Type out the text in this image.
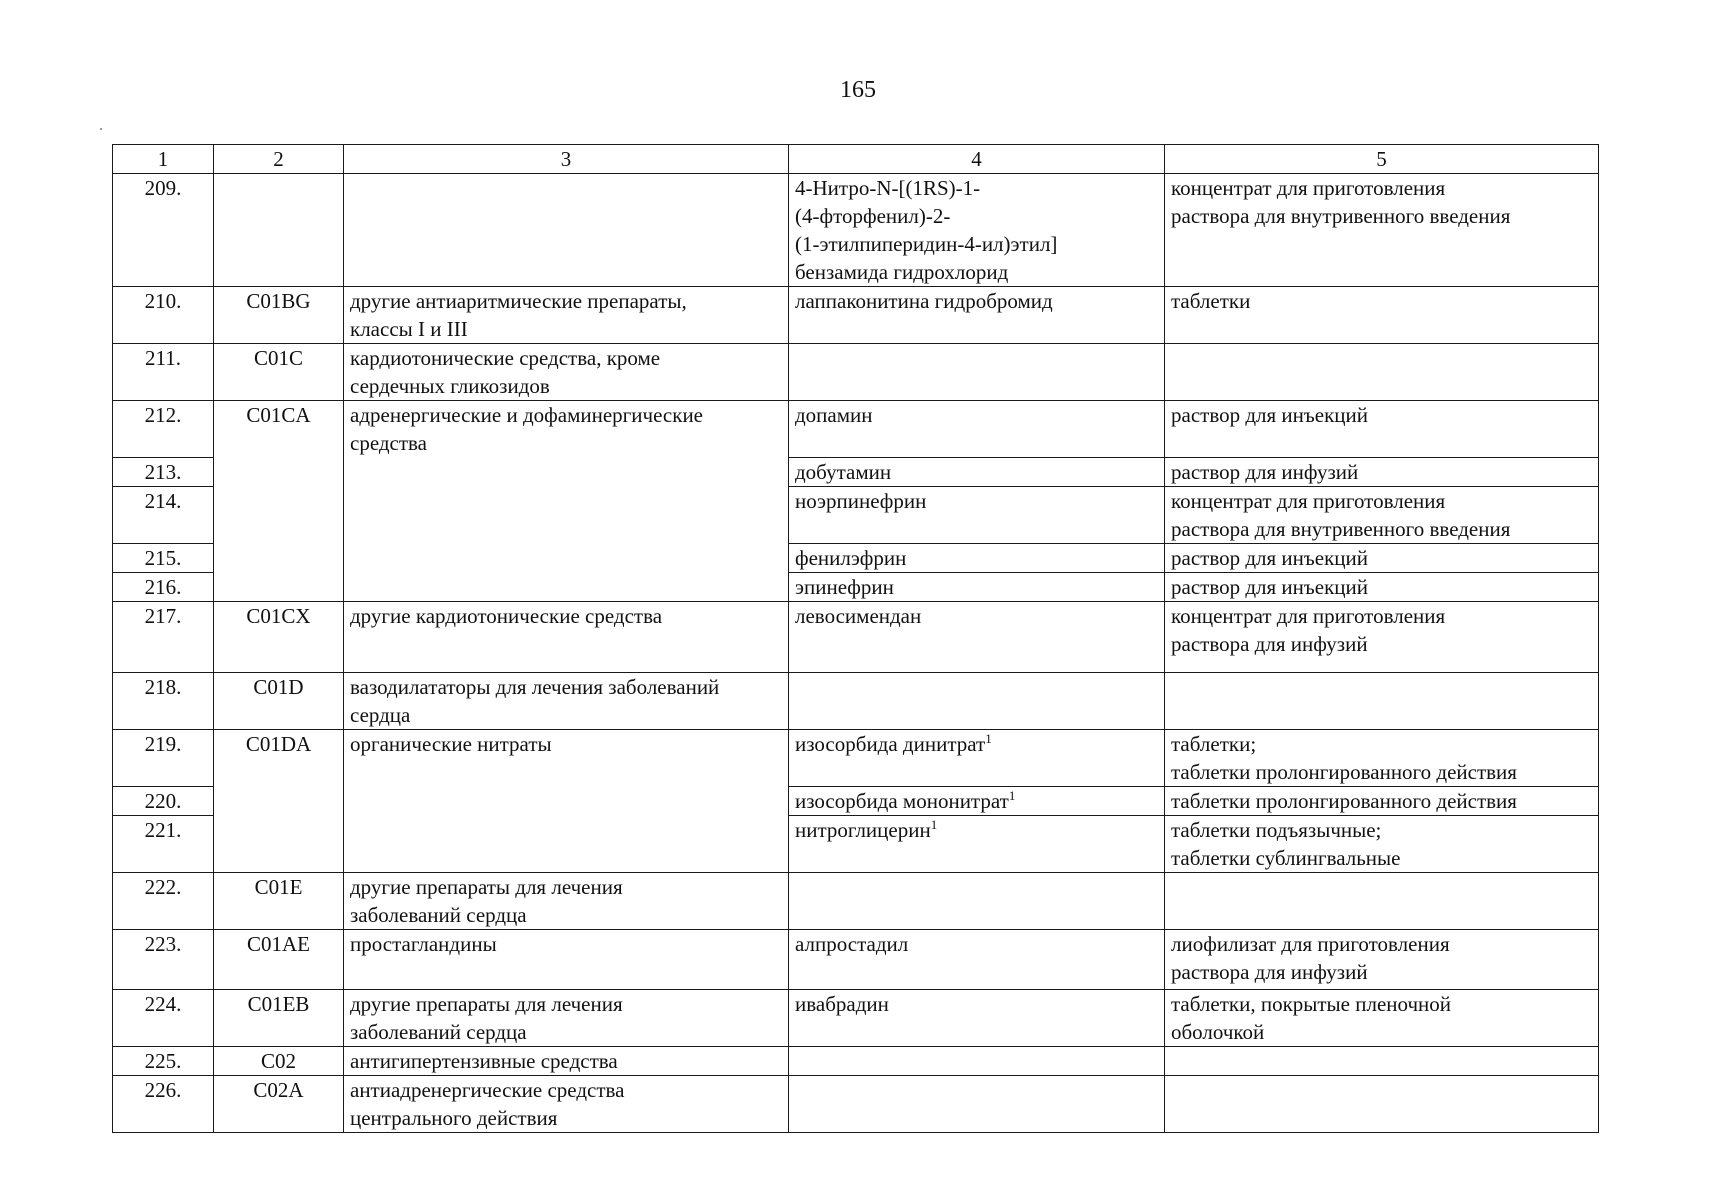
165
1	2	3	4	5
209.			4-Нитро-N-[(1RS)-1-
(4-фторфенил)-2-
(1-этилпиперидин-4-ил)этил]
бензамида гидрохлорид	концентрат для приготовления
раствора для внутривенного введения

210.	C01BG	другие антиаритмические препараты,
классы I и III	лаппаконитина гидробромид	таблетки

211.	C01C	кардиотонические средства, кроме
сердечных гликозидов		

212.	C01CA	адренергические и дофаминергические
средства	допамин	раствор для инъекций

213.			добутамин	раствор для инфузий

214.			ноэрпинефрин	концентрат для приготовления
раствора для внутривенного введения

215.			фенилэфрин	раствор для инъекций

216.			эпинефрин	раствор для инъекций

217.	C01CX	другие кардиотонические средства	левосимендан	концентрат для приготовления
раствора для инфузий

218.	C01D	вазодилататоры для лечения заболеваний
сердца		

219.	C01DA	органические нитраты	изосорбида динитрат$^1$	таблетки;
таблетки пролонгированного действия

220.			изосорбида мононитрат$^1$	таблетки пролонгированного действия

221.			нитроглицерин$^1$	таблетки подъязычные;
таблетки сублингвальные

222.	C01E	другие препараты для лечения
заболеваний сердца		

223.	C01AE	простагландины	алпростадил	лиофилизат для приготовления
раствора для инфузий

224.	C01EB	другие препараты для лечения
заболеваний сердца	ивабрадин	таблетки, покрытые пленочной
оболочкой

225.	C02	антигипертензивные средства		

226.	C02A	антиадренергические средства
центрального действия		
